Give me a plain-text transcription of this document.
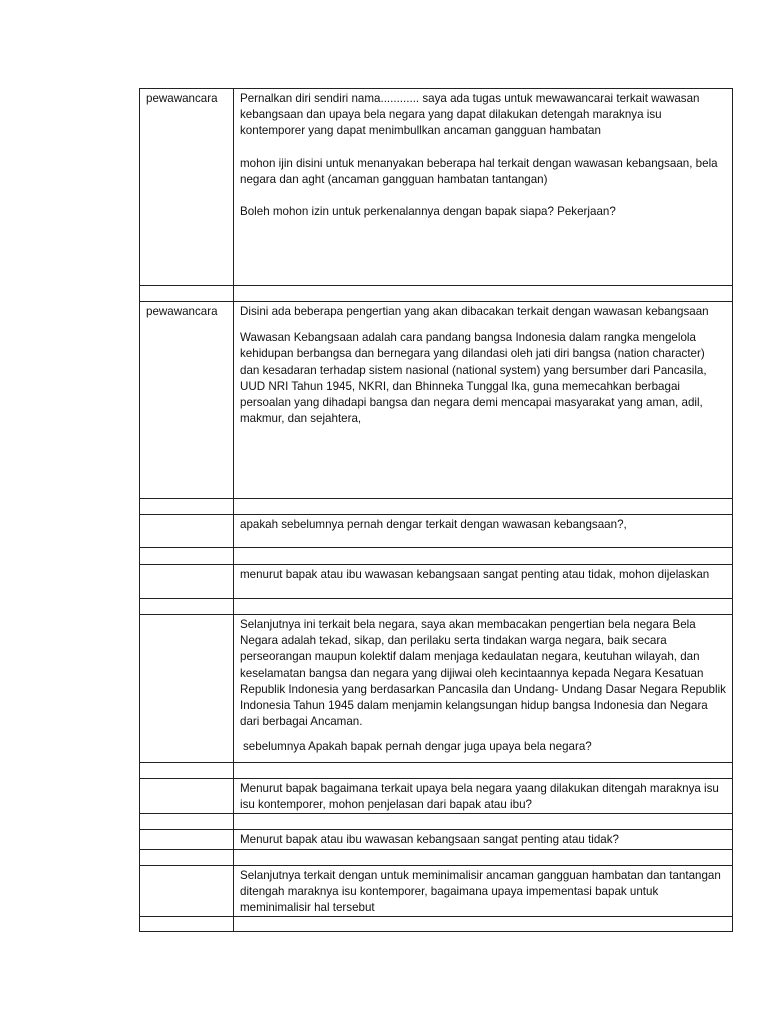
pewawancara	Pernalkan diri sendiri nama............ saya ada tugas untuk mewawancarai terkait wawasan kebangsaan dan upaya bela negara yang dapat dilakukan detengah maraknya isu kontemporer yang dapat menimbullkan ancaman gangguan hambatan

mohon ijin disini untuk menanyakan beberapa hal terkait dengan wawasan kebangsaan, bela negara dan aght (ancaman gangguan hambatan tantangan)

Boleh mohon izin untuk perkenalannya dengan bapak siapa? Pekerjaan?

pewawancara	Disini ada beberapa pengertian yang akan dibacakan terkait dengan wawasan kebangsaan

Wawasan Kebangsaan adalah cara pandang bangsa Indonesia dalam rangka mengelola kehidupan berbangsa dan bernegara yang dilandasi oleh jati diri bangsa (nation character) dan kesadaran terhadap sistem nasional (national system) yang bersumber dari Pancasila, UUD NRI Tahun 1945, NKRI, dan Bhinneka Tunggal Ika, guna memecahkan berbagai persoalan yang dihadapi bangsa dan negara demi mencapai masyarakat yang aman, adil, makmur, dan sejahtera,

	apakah sebelumnya pernah dengar terkait dengan wawasan kebangsaan?,

	menurut bapak atau ibu wawasan kebangsaan sangat penting atau tidak, mohon dijelaskan

	Selanjutnya ini terkait bela negara, saya akan membacakan pengertian bela negara Bela Negara adalah tekad, sikap, dan perilaku serta tindakan warga negara, baik secara perseorangan maupun kolektif dalam menjaga kedaulatan negara, keutuhan wilayah, dan keselamatan bangsa dan negara yang dijiwai oleh kecintaannya kepada Negara Kesatuan Republik Indonesia yang berdasarkan Pancasila dan Undang- Undang Dasar Negara Republik Indonesia Tahun 1945 dalam menjamin kelangsungan hidup bangsa Indonesia dan Negara dari berbagai Ancaman.

sebelumnya Apakah bapak pernah dengar juga upaya bela negara?

	Menurut bapak bagaimana terkait upaya bela negara yaang dilakukan ditengah maraknya isu isu kontemporer, mohon penjelasan dari bapak atau ibu?

	Menurut bapak atau ibu wawasan kebangsaan sangat penting atau tidak?

	Selanjutnya terkait dengan untuk meminimalisir ancaman gangguan hambatan dan tantangan ditengah maraknya isu kontemporer, bagaimana upaya impementasi bapak untuk meminimalisir hal tersebut
